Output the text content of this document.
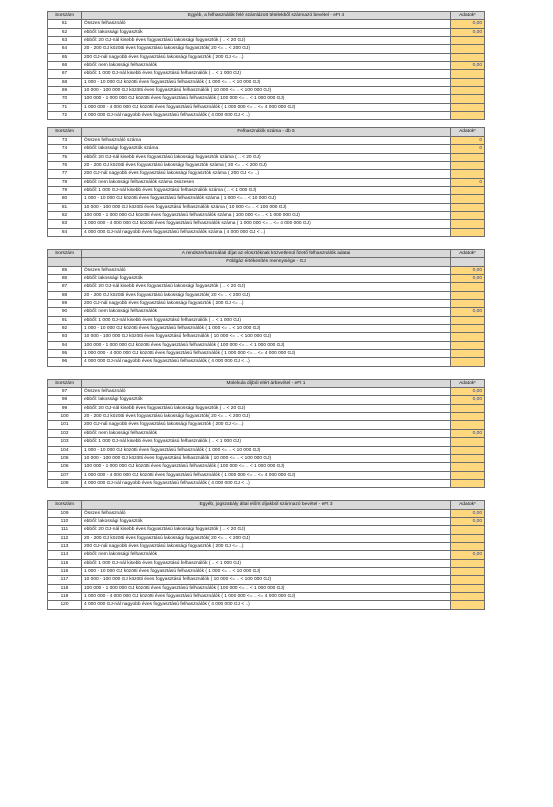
Sorszám	Egyéb, a felhasználók felé számlázott tételekből származó bevétel - eFt 4	Adatok*
61	Összes felhasználó	0,00
62	ebből: lakossági fogyasztók	0,00
63	ebből: 20 GJ-nál kisebb éves fogyasztású lakossági fogyasztók ( .. < 20 GJ)	
64	20 - 200 GJ közötti éves fogyasztású lakossági fogyasztók( 20 <= .. < 200 GJ)	
65	200 GJ-nál nagyobb éves fogyasztású lakossági fogyasztók ( 200 GJ <= ..)	
66	ebből: nem lakossági felhasználók	0,00
67	ebből: 1 000 GJ-nál kisebb éves fogyasztású felhasználók ( .. < 1 000 GJ)	
68	1 000 - 10 000 GJ közötti éves fogyasztású felhasználók ( 1 000 <= .. < 10 000 GJ)	
69	10 000 - 100 000 GJ közötti éves fogyasztású felhasználók ( 10 000 <= .. < 100 000 GJ)	
70	100 000 - 1 000 000 GJ közötti éves fogyasztású felhasználók ( 100 000 <= .. < 1 000 000 GJ)	
71	1 000 000 - 4 000 000 GJ közötti éves fogyasztású felhasználók ( 1 000 000 <= .. <= 4 000 000 GJ)	
72	4 000 000 GJ-nál nagyobb éves fogyasztású felhasználók ( 4 000 000 GJ < ..)	
Sorszám	Felhasználók száma - db 5	Adatok*
73	Összes felhasználó száma	0
74	ebből: lakossági fogyasztók száma	0
75	ebből: 20 GJ-nál kisebb éves fogyasztású lakossági fogyasztók száma ( .. < 20 GJ)	
76	20 - 200 GJ közötti éves fogyasztású lakossági fogyasztók száma ( 20 <= .. < 200 GJ)	
77	200 GJ-nál nagyobb éves fogyasztású lakossági fogyasztók száma ( 200 GJ <= ..)	
78	ebből: nem lakossági felhasználók száma összesen	0
79	ebből: 1 000 GJ-nál kisebb éves fogyasztású felhasználók száma ( .. < 1 000 GJ)	
80	1 000 - 10 000 GJ közötti éves fogyasztású felhasználók száma ( 1 000 <= .. < 10 000 GJ)	
81	10 000 - 100 000 GJ közötti éves fogyasztású felhasználók száma ( 10 000 <= .. < 100 000 GJ)	
82	100 000 - 1 000 000 GJ közötti éves fogyasztású felhasználók száma ( 100 000 <= .. < 1 000 000 GJ)	
83	1 000 000 - 4 000 000 GJ közötti éves fogyasztású felhasználók száma ( 1 000 000 <= .. <= 4 000 000 GJ)	
84	4 000 000 GJ-nál nagyobb éves fogyasztású felhasználók száma ( 4 000 000 GJ < ..)	
Sorszám	A rendszerhasználati díjat az elosztóknak közvetlenül fizető felhasználók adatai	Adatok*
	Földgáz értékesítés mennyisége - GJ	
85	Összes felhasználó	0,00
86	ebből: lakossági fogyasztók	0,00
87	ebből: 20 GJ-nál kisebb éves fogyasztású lakossági fogyasztók ( .. < 20 GJ)	
88	20 - 200 GJ közötti éves fogyasztású lakossági fogyasztók( 20 <= .. < 200 GJ)	
89	200 GJ-nál nagyobb éves fogyasztású lakossági fogyasztók ( 200 GJ <= ..)	
90	ebből: nem lakossági felhasználók	0,00
91	ebből: 1 000 GJ-nál kisebb éves fogyasztású felhasználók ( .. < 1 000 GJ)	
92	1 000 - 10 000 GJ közötti éves fogyasztású felhasználók ( 1 000 <= .. < 10 000 GJ)	
93	10 000 - 100 000 GJ közötti éves fogyasztású felhasználók ( 10 000 <= .. < 100 000 GJ)	
94	100 000 - 1 000 000 GJ közötti éves fogyasztású felhasználók ( 100 000 <= .. < 1 000 000 GJ)	
95	1 000 000 - 4 000 000 GJ közötti éves fogyasztású felhasználók ( 1 000 000 <= .. <= 4 000 000 GJ)	
96	4 000 000 GJ-nál nagyobb éves fogyasztású felhasználók ( 4 000 000 GJ < ..)	
Sorszám	Molekula díjból elért árbevétel - eFt 1	Adatok*
97	Összes felhasználó	0,00
98	ebből: lakossági fogyasztók	0,00
99	ebből: 20 GJ-nál kisebb éves fogyasztású lakossági fogyasztók ( .. < 20 GJ)	
100	20 - 200 GJ közötti éves fogyasztású lakossági fogyasztók( 20 <= .. < 200 GJ)	
101	200 GJ-nál nagyobb éves fogyasztású lakossági fogyasztók ( 200 GJ <= ..)	
102	ebből: nem lakossági felhasználók	0,00
103	ebből: 1 000 GJ-nál kisebb éves fogyasztású felhasználók ( .. < 1 000 GJ)	
104	1 000 - 10 000 GJ közötti éves fogyasztású felhasználók ( 1 000 <= .. < 10 000 GJ)	
105	10 000 - 100 000 GJ közötti éves fogyasztású felhasználók ( 10 000 <= .. < 100 000 GJ)	
106	100 000 - 1 000 000 GJ közötti éves fogyasztású felhasználók ( 100 000 <= .. < 1 000 000 GJ)	
107	1 000 000 - 4 000 000 GJ közötti éves fogyasztású felhasználók ( 1 000 000 <= .. <= 4 000 000 GJ)	
108	4 000 000 GJ-nál nagyobb éves fogyasztású felhasználók ( 4 000 000 GJ < ..)	
Sorszám	Egyéb, jogszabály által előírt díjakból származó bevétel - eFt 3	Adatok*
109	Összes felhasználó	0,00
110	ebből: lakossági fogyasztók	0,00
111	ebből: 20 GJ-nál kisebb éves fogyasztású lakossági fogyasztók ( .. < 20 GJ)	
112	20 - 200 GJ közötti éves fogyasztású lakossági fogyasztók( 20 <= .. < 200 GJ)	
113	200 GJ-nál nagyobb éves fogyasztású lakossági fogyasztók ( 200 GJ <= ..)	
114	ebből: nem lakossági felhasználók	0,00
115	ebből: 1 000 GJ-nál kisebb éves fogyasztású felhasználók ( .. < 1 000 GJ)	
116	1 000 - 10 000 GJ közötti éves fogyasztású felhasználók ( 1 000 <= .. < 10 000 GJ)	
117	10 000 - 100 000 GJ közötti éves fogyasztású felhasználók ( 10 000 <= .. < 100 000 GJ)	
118	100 000 - 1 000 000 GJ közötti éves fogyasztású felhasználók ( 100 000 <= .. < 1 000 000 GJ)	
119	1 000 000 - 4 000 000 GJ közötti éves fogyasztású felhasználók ( 1 000 000 <= .. <= 4 000 000 GJ)	
120	4 000 000 GJ-nál nagyobb éves fogyasztású felhasználók ( 4 000 000 GJ < ..)	
